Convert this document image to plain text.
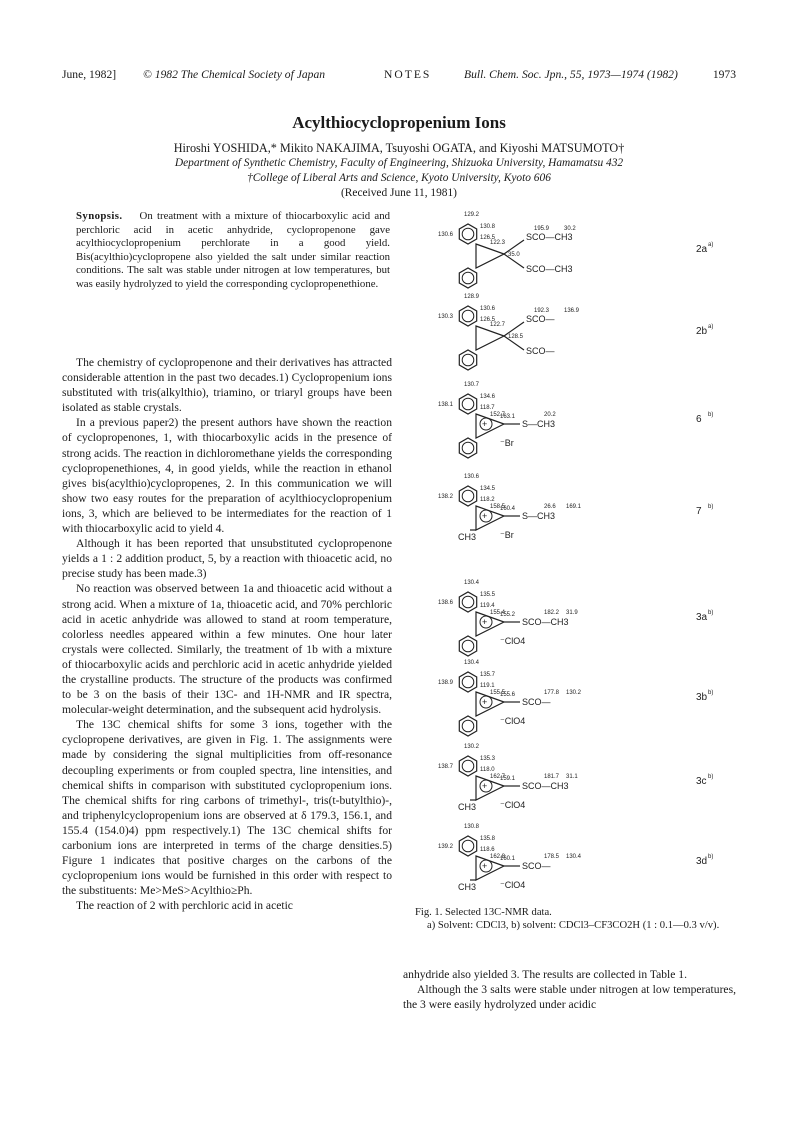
June, 1982] © 1982 The Chemical Society of Japan	NOTES	Bull. Chem. Soc. Jpn., 55, 1973—1974 (1982)	1973
Acylthiocyclopropenium Ions
Hiroshi YOSHIDA,* Mikito NAKAJIMA, Tsuyoshi OGATA, and Kiyoshi MATSUMOTO†
Department of Synthetic Chemistry, Faculty of Engineering, Shizuoka University, Hamamatsu 432
†College of Liberal Arts and Science, Kyoto University, Kyoto 606
(Received June 11, 1981)
Synopsis. On treatment with a mixture of thiocarboxylic acid and perchloric acid in acetic anhydride, cyclopropenone gave acylthiocyclopropenium perchlorate in a good yield. Bis(acylthio)cyclopropene also yielded the salt under similar reaction conditions. The salt was stable under nitrogen at low temperatures, but was easily hydrolyzed to yield the corresponding cyclopropenethione.

The chemistry of cyclopropenone and their derivatives has attracted considerable attention in the past two decades.1) Cyclopropenium ions substituted with tris(alkylthio), triamino, or triaryl groups have been isolated as stable crystals.

In a previous paper2) the present authors have shown the reaction of cyclopropenones, 1, with thiocarboxylic acids in the presence of strong acids. The reaction in dichloromethane yields the corresponding cyclopropenethiones, 4, in good yields, while the reaction in ethanol gives bis(acylthio)cyclopropenes, 2. In this communication we will show two easy routes for the preparation of acylthiocyclopropenium ions, 3, which are believed to be intermediates for the reaction of 1 with thiocarboxylic acid to yield 4.

Although it has been reported that unsubstituted cyclopropenone yields a 1 : 2 addition product, 5, by a reaction with thioacetic acid, no precise study has been made.3)

No reaction was observed between 1a and thioacetic acid without a strong acid. When a mixture of 1a, thioacetic acid, and 70% perchloric acid in acetic anhydride was allowed to stand at room temperature, colorless needles appeared within a few minutes. One hour later crystals were collected. Similarly, the treatment of 1b with a mixture of thiocarboxylic acids and perchloric acid in acetic anhydride yielded the crystalline products. The structure of the products was confirmed to be 3 on the basis of their 13C- and 1H-NMR and IR spectra, molecular-weight determination, and the subsequent acid hydrolysis.

The 13C chemical shifts for some 3 ions, together with the cyclopropene derivatives, are given in Fig. 1. The assignments were made by considering the signal multiplicities from off-resonance decoupling experiments or from coupled spectra, line intensities, and chemical shifts in comparison with substituted cyclopropenium ions. The chemical shifts for ring carbons of trimethyl-, tris(t-butylthio)-, and triphenylcyclopropenium ions are observed at δ 179.3, 156.1, and 155.4 (154.0)4) ppm respectively.1) The 13C chemical shifts for carbonium ions are interpreted in terms of the charge densities.5) Figure 1 indicates that positive charges on the carbons of the cyclopropenium ions would be furnished in this order with respect to the substituents: Me>MeS>Acylthio≥Ph.

The reaction of 2 with perchloric acid in acetic

129.2
130.6
130.8
126.5	SCO—CH3
SCO—CH3
122.3
195.9 30.2
35.0	2a a)
128.9
130.3
130.6
126.5	SCO—
SCO—
122.7
192.3 136.9
128.5	2b a)
130.7
138.1
134.6
118.7
+	S—CH3
152.7
163.1	20.2
⁻Br
6 b)
130.6
138.2
134.5
118.2
+	S—CH3
158.5
160.4	26.6 169.1
⁻Br
CH3
7 b)
130.4
138.6
135.5
119.4
+	SCO—CH3
155.4
155.2	182.2 31.9
⁻ClO4
3a b)
130.4
138.9
135.7
119.1
+	SCO—
155.5
155.6	177.8 130.2
⁻ClO4
3b b)
130.2
138.7
135.3
118.0
+	SCO—CH3
162.7
159.1	181.7 31.1
⁻ClO4
CH3
3c b)
130.8
139.2
135.8
118.6
+	SCO—
162.8
160.1	178.5 130.4
⁻ClO4
CH3
3d b)
Fig. 1. Selected 13C-NMR data.
a) Solvent: CDCl3, b) solvent: CDCl3–CF3CO2H (1 : 0.1—0.3 v/v).

anhydride also yielded 3. The results are collected in Table 1.

Although the 3 salts were stable under nitrogen at low temperatures, the 3 were easily hydrolyzed under acidic
